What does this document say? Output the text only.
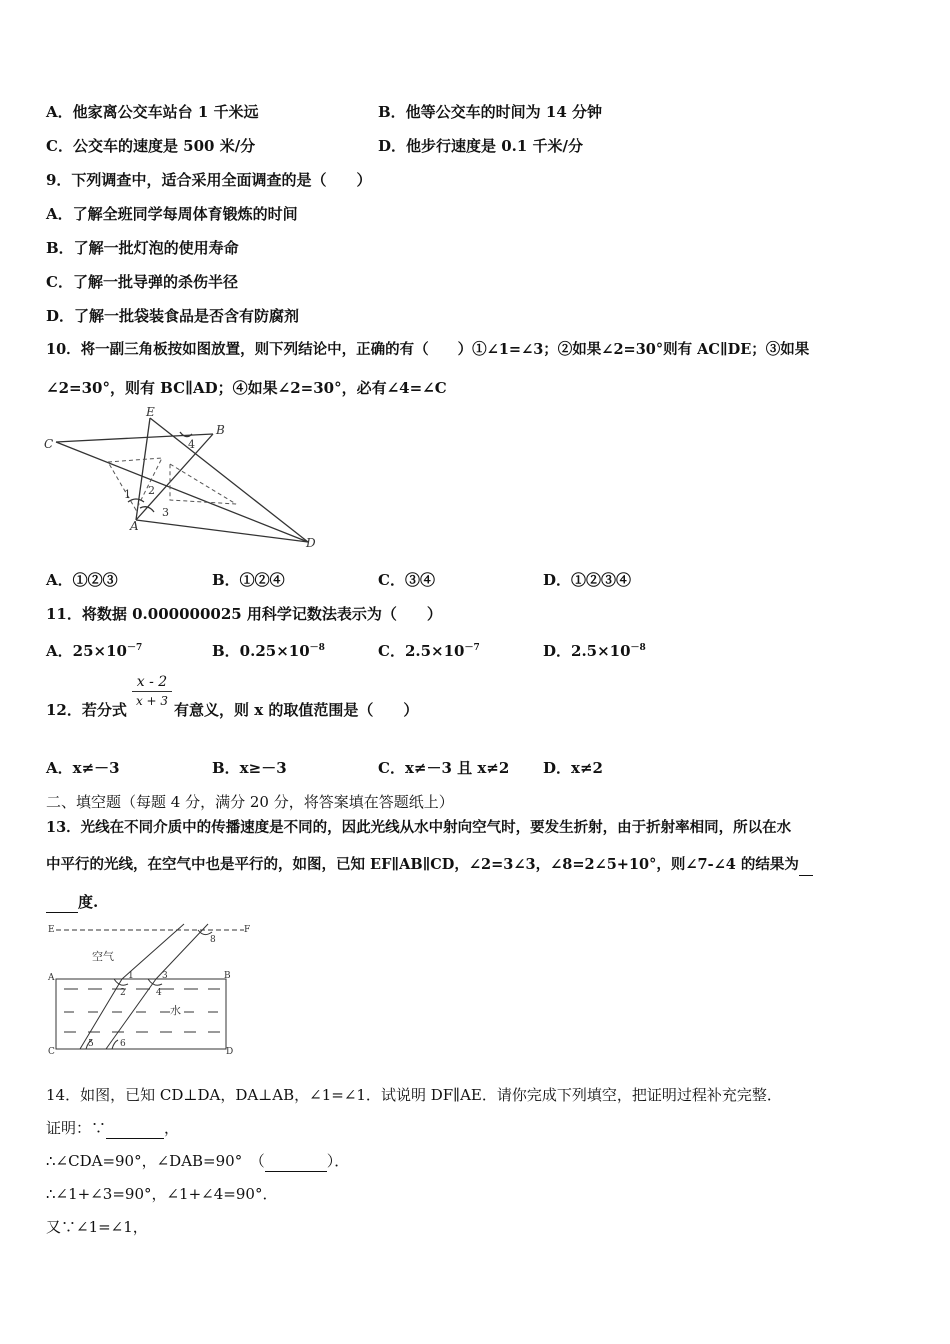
A．他家离公交车站台 1 千米远	B．他等公交车的时间为 14 分钟
C．公交车的速度是 500 米/分	D．他步行速度是 0.1 千米/分
9．下列调查中，适合采用全面调查的是（　　）
A．了解全班同学每周体育锻炼的时间
B．了解一批灯泡的使用寿命
C．了解一批导弹的杀伤半径
D．了解一批袋装食品是否含有防腐剂
10．将一副三角板按如图放置，则下列结论中，正确的有（　　）①∠1=∠3；②如果∠2=30°则有 AC∥DE；③如果
∠2=30°，则有 BC∥AD；④如果∠2=30°，必有∠4=∠C
E
B
C
A
D
1 2
3
4
A．①②③	B．①②④	C．③④	D．①②③④
11．将数据 0.000000025 用科学记数法表示为（　　）
A．$25\times 10^{-7}$	B．$0.25\times 10^{-8}$	C．$2.5\times 10^{-7}$	D．$2.5\times 10^{-8}$
12．若分式
$\frac{x - 2}{x + 3}$
有意义，则 x 的取值范围是（　　）
A．x≠－3	B．x≥－3	C．x≠－3 且 x≠2 D．x≠2
二、填空题（每题 4 分，满分 20 分，将答案填在答题纸上）
13．光线在不同介质中的传播速度是不同的，因此光线从水中射向空气时，要发生折射，由于折射率相同，所以在水
中平行的光线，在空气中也是平行的，如图，已知 EF∥AB∥CD，∠2=3∠3，∠8=2∠5+10°，则∠7-∠4 的结果为
度.
E	F
A	B
C	D
空气
水
1
2
3
4
5	6
8
14．如图，已知 CD⊥DA，DA⊥AB，∠1=∠1．试说明 DF∥AE．请你完成下列填空，把证明过程补充完整．
证明：∵	，
∴∠CDA=90°，∠DAB=90°　（	）．
∴∠1+∠3=90°，∠1+∠4=90°．
又∵∠1=∠1，
